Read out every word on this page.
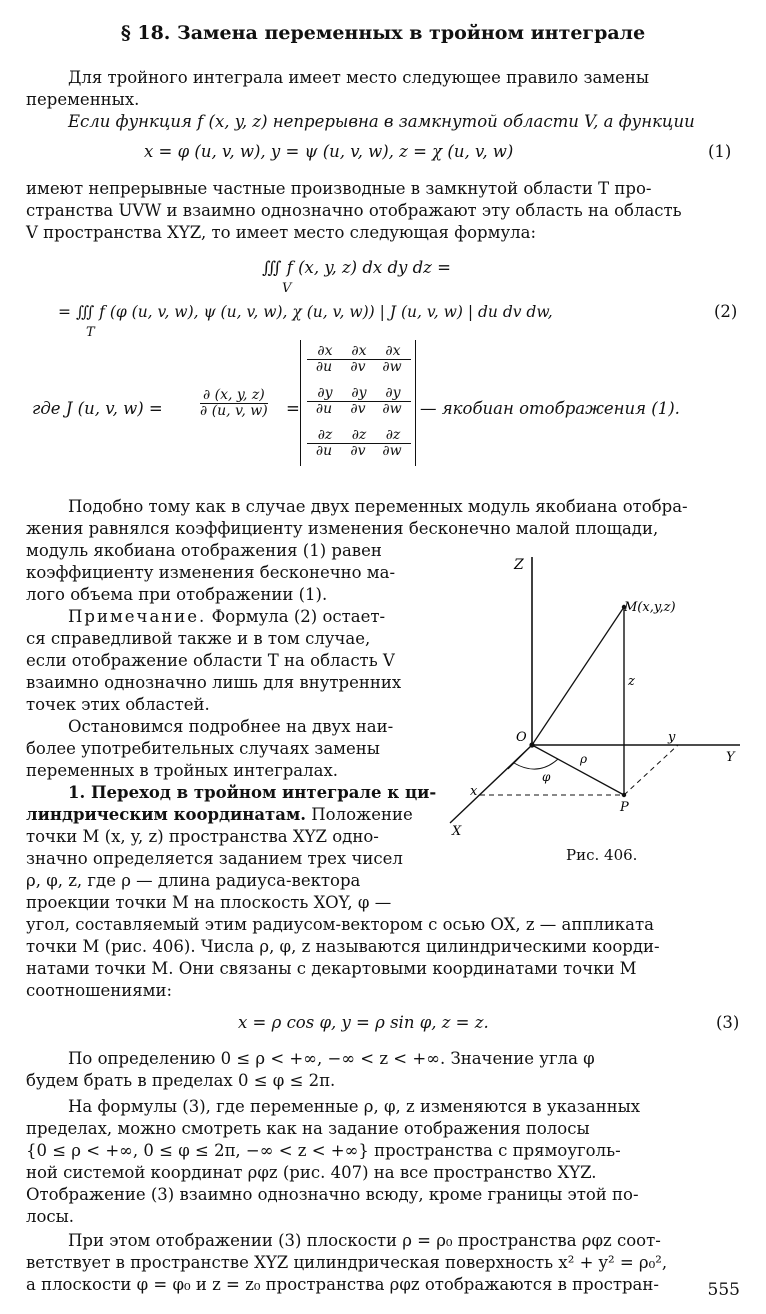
§ 18. Замена переменных в тройном интеграле
Для тройного интеграла имеет место следующее правило замены
переменных.
Если функция f (x, y, z) непрерывна в замкнутой области V, а функции
x = φ (u, v, w), y = ψ (u, v, w), z = χ (u, v, w)	(1)
имеют непрерывные частные производные в замкнутой области T про-
странства UVW и взаимно однозначно отображают эту область на область
V пространства XYZ, то имеет место следующая формула:
∭ f (x, y, z) dx dy dz =
V
= ∭ f (φ (u, v, w), ψ (u, v, w), χ (u, v, w)) | J (u, v, w) | du dv dw,
T
(2)
где J (u, v, w) =	$\frac{\partial (x, y, z)}{\partial (u, v, w)}$ =
$\frac{\partial x}{\partial u} \frac{\partial x}{\partial v} \frac{\partial x}{\partial w}$
$\frac{\partial y}{\partial u} \frac{\partial y}{\partial v} \frac{\partial y}{\partial w}$
$\frac{\partial z}{\partial u} \frac{\partial z}{\partial v} \frac{\partial z}{\partial w}$
— якобиан отображения (1).
Подобно тому как в случае двух переменных модуль якобиана отобра-
жения равнялся коэффициенту изменения бесконечно малой площади,
модуль якобиана отображения (1) равен
коэффициенту изменения бесконечно ма-
лого объема при отображении (1).
Примечание. Формула (2) остает-
ся справедливой также и в том случае,
если отображение области T на область V
взаимно однозначно лишь для внутренних
точек этих областей.
Остановимся подробнее на двух наи-
более употребительных случаях замены
переменных в тройных интегралах.
1. Переход в тройном интеграле к ци-
линдрическим координатам. Положение
точки M (x, y, z) пространства XYZ одно-
значно определяется заданием трех чисел
ρ, φ, z, где ρ — длина радиуса-вектора
проекции точки M на плоскость XOY, φ —
угол, составляемый этим радиусом-вектором с осью OX, z — аппликата
точки M (рис. 406). Числа ρ, φ, z называются цилиндрическими коорди-
натами точки M. Они связаны с декартовыми координатами точки M
соотношениями:
x = ρ cos φ, y = ρ sin φ, z = z.	(3)
По определению 0 ≤ ρ < +∞, −∞ < z < +∞. Значение угла φ
будем брать в пределах 0 ≤ φ ≤ 2π.
На формулы (3), где переменные ρ, φ, z изменяются в указанных
пределах, можно смотреть как на задание отображения полосы
{0 ≤ ρ < +∞, 0 ≤ φ ≤ 2π, −∞ < z < +∞} пространства с прямоуголь-
ной системой координат ρφz (рис. 407) на все пространство XYZ.
Отображение (3) взаимно однозначно всюду, кроме границы этой по-
лосы.
При этом отображении (3) плоскости ρ = ρ₀ пространства ρφz соот-
ветствует в пространстве XYZ цилиндрическая поверхность x² + y² = ρ₀²,
а плоскости φ = φ₀ и z = z₀ пространства ρφz отображаются в простран-	555
Z
M(x,y,z)
z
O	y
Y
ρ
φ
x
X
P
Рис. 406.
